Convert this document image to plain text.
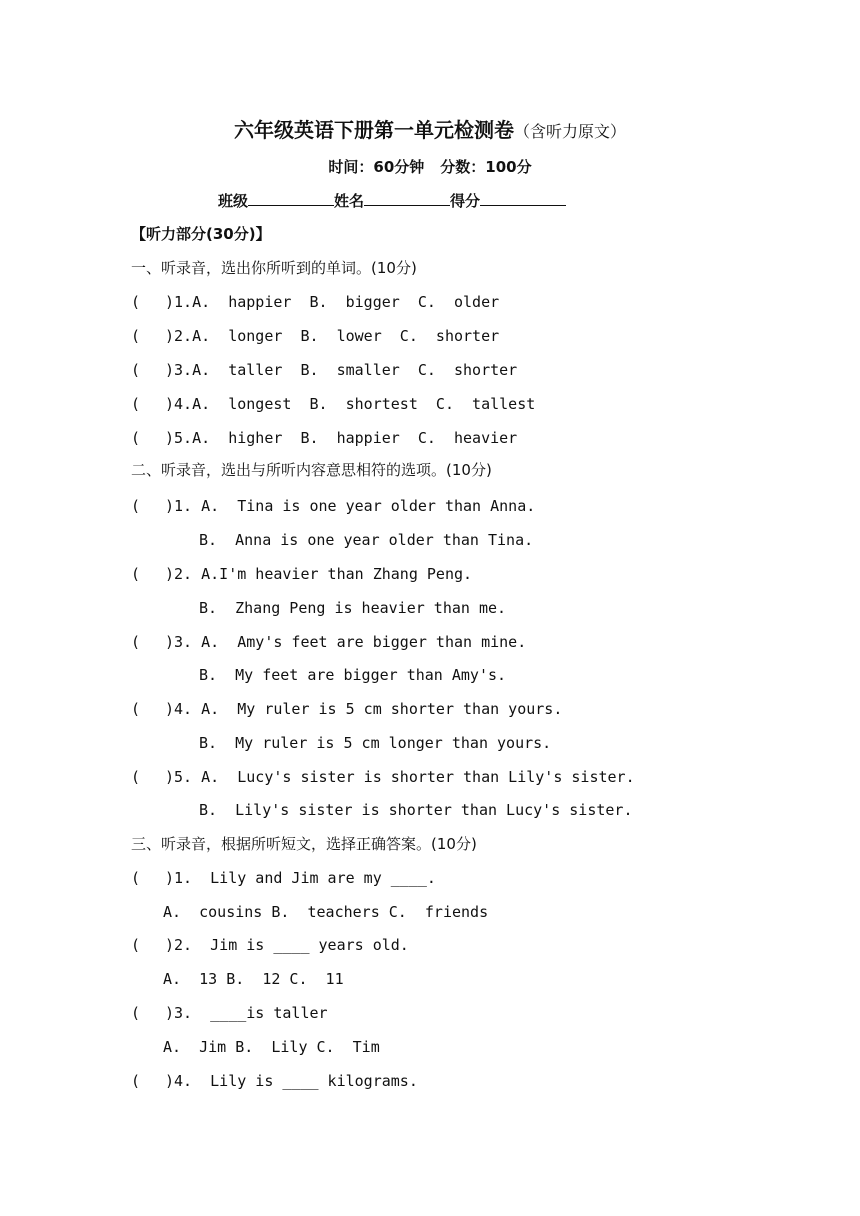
六年级英语下册第一单元检测卷（含听力原文）
时间：60分钟 分数：100分
班级	姓名	得分
【听力部分(30分)】
一、听录音，选出你所听到的单词。(10分)
( )1.A.  happier  B.  bigger  C.  older
( )2.A.  longer  B.  lower  C.  shorter
( )3.A.  taller  B.  smaller  C.  shorter
( )4.A.  longest  B.  shortest  C.  tallest
( )5.A.  higher  B.  happier  C.  heavier
二、听录音，选出与所听内容意思相符的选项。(10分)
( )1. A.  Tina is one year older than Anna.
B.  Anna is one year older than Tina.
( )2. A.I'm heavier than Zhang Peng.
B.  Zhang Peng is heavier than me.
( )3. A.  Amy's feet are bigger than mine.
B.  My feet are bigger than Amy's.
( )4. A.  My ruler is 5 cm shorter than yours.
B.  My ruler is 5 cm longer than yours.
( )5. A.  Lucy's sister is shorter than Lily's sister.
B.  Lily's sister is shorter than Lucy's sister.
三、听录音，根据所听短文，选择正确答案。(10分)
( )1.  Lily and Jim are my ____.
A.  cousins B.  teachers C.  friends
( )2.  Jim is ____ years old.
A.  13 B.  12 C.  11
( )3.  ____is taller
A.  Jim B.  Lily C.  Tim
( )4.  Lily is ____ kilograms.
